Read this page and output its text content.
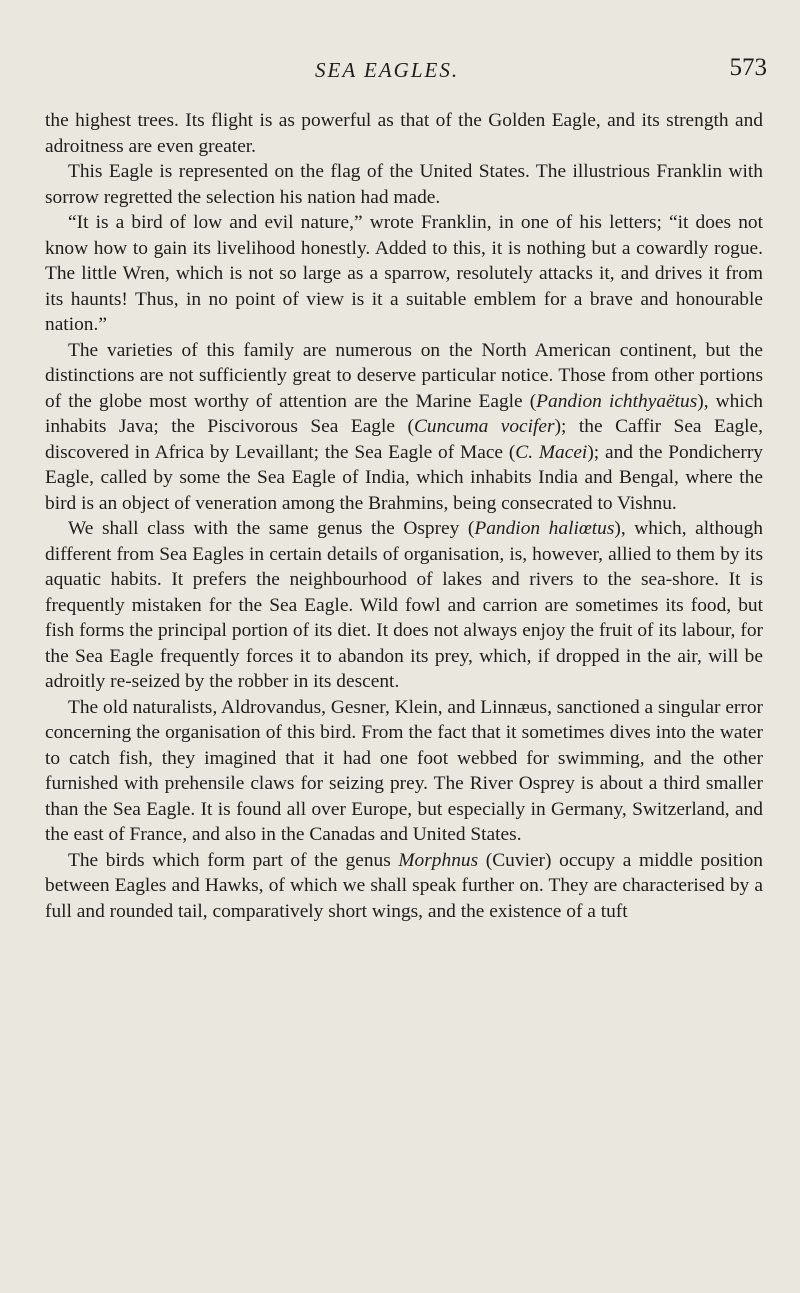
SEA EAGLES.	573

the highest trees. Its flight is as powerful as that of the Golden Eagle, and its strength and adroitness are even greater.

This Eagle is represented on the flag of the United States. The illustrious Franklin with sorrow regretted the selection his nation had made.

“It is a bird of low and evil nature,” wrote Franklin, in one of his letters; “it does not know how to gain its livelihood honestly. Added to this, it is nothing but a cowardly rogue. The little Wren, which is not so large as a sparrow, resolutely attacks it, and drives it from its haunts! Thus, in no point of view is it a suitable emblem for a brave and honourable nation.”

The varieties of this family are numerous on the North American continent, but the distinctions are not sufficiently great to deserve particular notice. Those from other portions of the globe most worthy of attention are the Marine Eagle (Pandion ichthyaëtus), which inhabits Java; the Piscivorous Sea Eagle (Cuncuma vocifer); the Caffir Sea Eagle, discovered in Africa by Levaillant; the Sea Eagle of Mace (C. Macei); and the Pondicherry Eagle, called by some the Sea Eagle of India, which inhabits India and Bengal, where the bird is an object of veneration among the Brahmins, being consecrated to Vishnu.

We shall class with the same genus the Osprey (Pandion haliœtus), which, although different from Sea Eagles in certain details of organisation, is, however, allied to them by its aquatic habits. It prefers the neighbourhood of lakes and rivers to the sea-shore. It is frequently mistaken for the Sea Eagle. Wild fowl and carrion are sometimes its food, but fish forms the principal portion of its diet. It does not always enjoy the fruit of its labour, for the Sea Eagle frequently forces it to abandon its prey, which, if dropped in the air, will be adroitly re-seized by the robber in its descent.

The old naturalists, Aldrovandus, Gesner, Klein, and Linnæus, sanctioned a singular error concerning the organisation of this bird. From the fact that it sometimes dives into the water to catch fish, they imagined that it had one foot webbed for swimming, and the other furnished with prehensile claws for seizing prey. The River Osprey is about a third smaller than the Sea Eagle. It is found all over Europe, but especially in Germany, Switzerland, and the east of France, and also in the Canadas and United States.

The birds which form part of the genus Morphnus (Cuvier) occupy a middle position between Eagles and Hawks, of which we shall speak further on. They are characterised by a full and rounded tail, comparatively short wings, and the existence of a tuft
